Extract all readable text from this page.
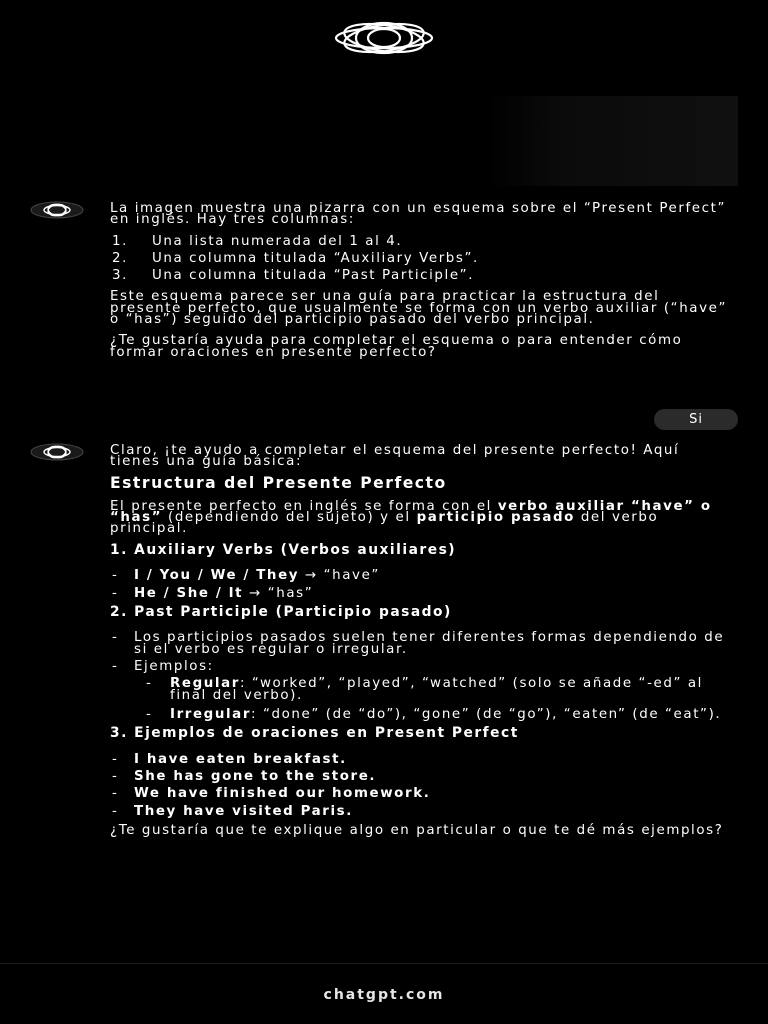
La imagen muestra una pizarra con un esquema sobre el “Present Perfect” en inglés. Hay tres columnas:

1. Una lista numerada del 1 al 4.
2. Una columna titulada “Auxiliary Verbs”.
3. Una columna titulada “Past Participle”.

Este esquema parece ser una guía para practicar la estructura del presente perfecto, que usualmente se forma con un verbo auxiliar (“have” o “has”) seguido del participio pasado del verbo principal.

¿Te gustaría ayuda para completar el esquema o para entender cómo formar oraciones en presente perfecto?

Si

Claro, ¡te ayudo a completar el esquema del presente perfecto! Aquí tienes una guía básica:

Estructura del Presente Perfecto

El presente perfecto en inglés se forma con el verbo auxiliar “have” o “has” (dependiendo del sujeto) y el participio pasado del verbo principal.

1. Auxiliary Verbs (Verbos auxiliares)
- I / You / We / They → “have”
- He / She / It → “has”
2. Past Participle (Participio pasado)
- Los participios pasados suelen tener diferentes formas dependiendo de si el verbo es regular o irregular.
- Ejemplos:
- Regular: “worked”, “played”, “watched” (solo se añade “-ed” al final del verbo).
- Irregular: “done” (de “do”), “gone” (de “go”), “eaten” (de “eat”).
3. Ejemplos de oraciones en Present Perfect
- I have eaten breakfast.
- She has gone to the store.
- We have finished our homework.
- They have visited Paris.

¿Te gustaría que te explique algo en particular o que te dé más ejemplos?

chatgpt.com
